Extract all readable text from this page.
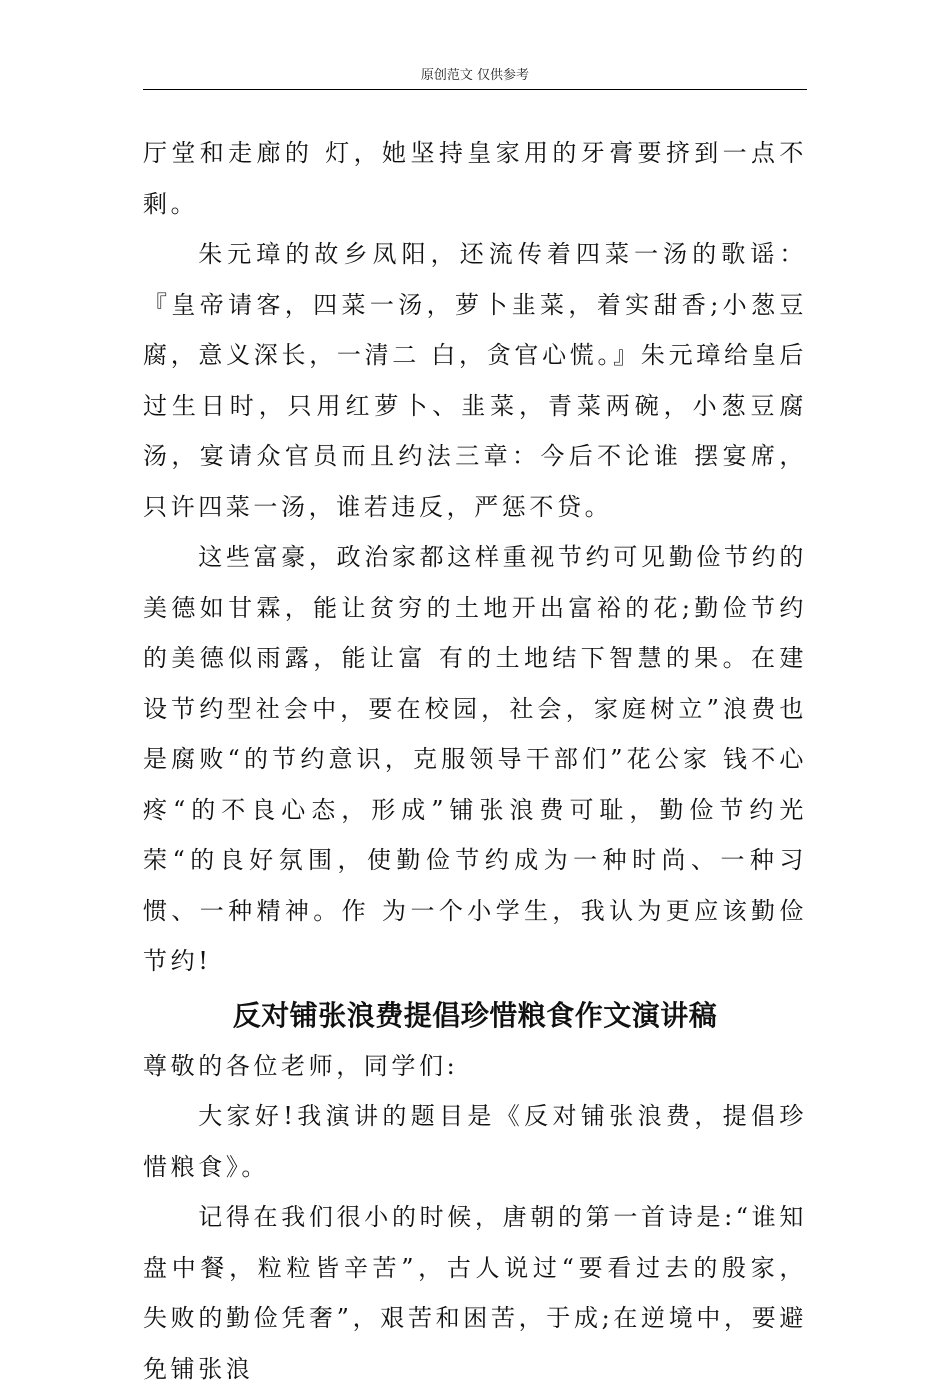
原创范文 仅供参考

厅堂和走廊的 灯，她坚持皇家用的牙膏要挤到一点不剩。

朱元璋的故乡凤阳，还流传着四菜一汤的歌谣：『皇帝请客，四菜一汤，萝卜韭菜，着实甜香;小葱豆腐，意义深长，一清二 白，贪官心慌。』朱元璋给皇后过生日时，只用红萝卜、韭菜，青菜两碗，小葱豆腐汤，宴请众官员而且约法三章：今后不论谁 摆宴席，只许四菜一汤，谁若违反，严惩不贷。

这些富豪，政治家都这样重视节约可见勤俭节约的美德如甘霖，能让贫穷的土地开出富裕的花;勤俭节约的美德似雨露，能让富 有的土地结下智慧的果。在建设节约型社会中，要在校园，社会，家庭树立”浪费也是腐败“的节约意识，克服领导干部们”花公家 钱不心疼“的不良心态，形成”铺张浪费可耻，勤俭节约光荣“的良好氛围，使勤俭节约成为一种时尚、一种习惯、一种精神。作 为一个小学生，我认为更应该勤俭节约!

反对铺张浪费提倡珍惜粮食作文演讲稿

尊敬的各位老师，同学们:

大家好!我演讲的题目是《反对铺张浪费，提倡珍惜粮食》。

记得在我们很小的时候，唐朝的第一首诗是:“谁知盘中餐，粒粒皆辛苦”，古人说过“要看过去的殷家，失败的勤俭凭奢”，艰苦和困苦，于成;在逆境中，要避免铺张浪
